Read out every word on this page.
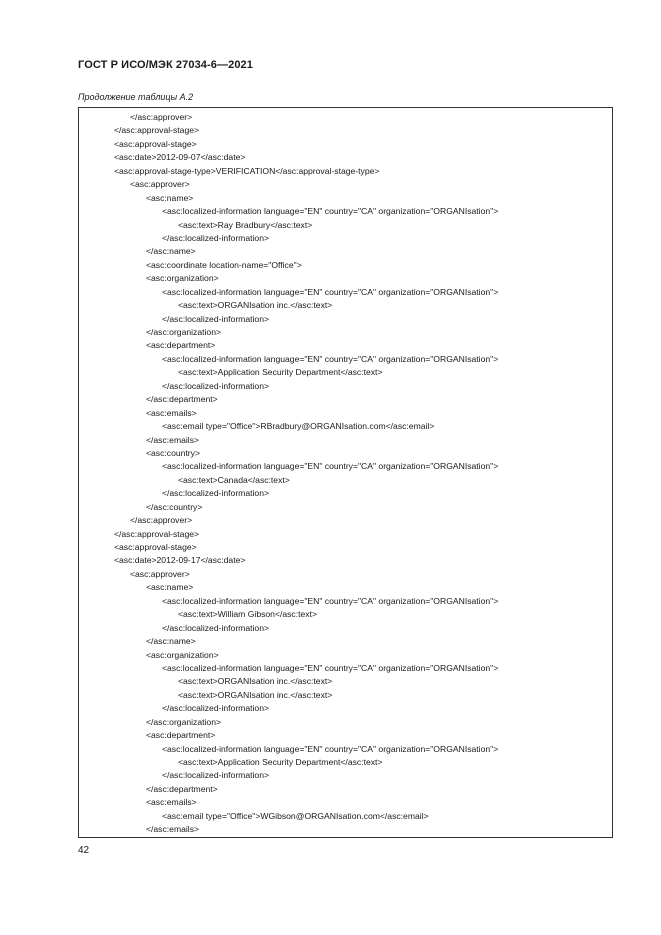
ГОСТ Р ИСО/МЭК 27034-6—2021
Продолжение таблицы А.2
</asc:approver>
</asc:approval-stage>
<asc:approval-stage>
<asc:date>2012-09-07</asc:date>
<asc:approval-stage-type>VERIFICATION</asc:approval-stage-type>
<asc:approver>
<asc:name>
<asc:localized-information language="EN" country="CA" organization="ORGANIsation">
<asc:text>Ray Bradbury</asc:text>
</asc:localized-information>
</asc:name>
<asc:coordinate location-name="Office">
<asc:organization>
<asc:localized-information language="EN" country="CA" organization="ORGANIsation">
<asc:text>ORGANIsation inc.</asc:text>
</asc:localized-information>
</asc:organization>
<asc:department>
<asc:localized-information language="EN" country="CA" organization="ORGANIsation">
<asc:text>Application Security Department</asc:text>
</asc:localized-information>
</asc:department>
<asc:emails>
<asc:email type="Office">RBradbury@ORGANIsation.com</asc:email>
</asc:emails>
<asc:country>
<asc:localized-information language="EN" country="CA" organization="ORGANIsation">
<asc:text>Canada</asc:text>
</asc:localized-information>
</asc:country>
</asc:approver>
</asc:approval-stage>
<asc:approval-stage>
<asc:date>2012-09-17</asc:date>
<asc:approver>
<asc:name>
<asc:localized-information language="EN" country="CA" organization="ORGANIsation">
<asc:text>William Gibson</asc:text>
</asc:localized-information>
</asc:name>
<asc:organization>
<asc:localized-information language="EN" country="CA" organization="ORGANIsation">
<asc:text>ORGANIsation inc.</asc:text>
<asc:text>ORGANIsation inc.</asc:text>
</asc:localized-information>
</asc:organization>
<asc:department>
<asc:localized-information language="EN" country="CA" organization="ORGANIsation">
<asc:text>Application Security Department</asc:text>
</asc:localized-information>
</asc:department>
<asc:emails>
<asc:email type="Office">WGibson@ORGANIsation.com</asc:email>
</asc:emails>
42
